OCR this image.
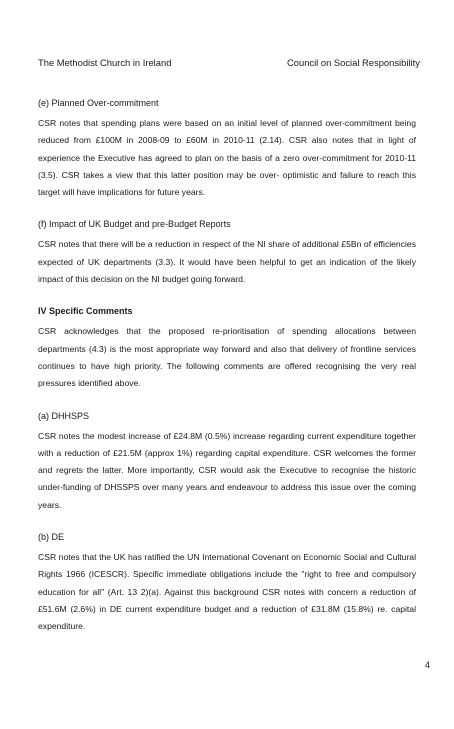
The Methodist Church in Ireland	Council on Social Responsibility
(e) Planned Over-commitment

CSR notes that spending plans were based on an initial level of planned over-commitment being reduced from £100M in 2008-09 to £60M in 2010-11 (2.14). CSR also notes that in light of experience the Executive has agreed to plan on the basis of a zero over-commitment for 2010-11 (3.5). CSR takes a view that this latter position may be over- optimistic and failure to reach this target will have implications for future years.

(f) Impact of UK Budget and pre-Budget Reports

CSR notes that there will be a reduction in respect of the NI share of additional £5Bn of efficiencies expected of UK departments (3.3). It would have been helpful to get an indication of the likely impact of this decision on the NI budget going forward.

IV Specific Comments

CSR acknowledges that the proposed re-prioritisation of spending allocations between departments (4.3) is the most appropriate way forward and also that delivery of frontline services continues to have high priority. The following comments are offered recognising the very real pressures identified above.

(a) DHHSPS

CSR notes the modest increase of £24.8M (0.5%) increase regarding current expenditure together with a reduction of £21.5M (approx 1%) regarding capital expenditure. CSR welcomes the former and regrets the latter. More importantly, CSR would ask the Executive to recognise the historic under-funding of DHSSPS over many years and endeavour to address this issue over the coming years.

(b) DE

CSR notes that the UK has ratified the UN International Covenant on Economic Social and Cultural Rights 1966 (ICESCR). Specific immediate obligations include the "right to free and compulsory education for all" (Art. 13 2)(a). Against this background CSR notes with concern a reduction of £51.6M (2.6%) in DE current expenditure budget and a reduction of £31.8M (15.8%) re. capital expenditure.

4
